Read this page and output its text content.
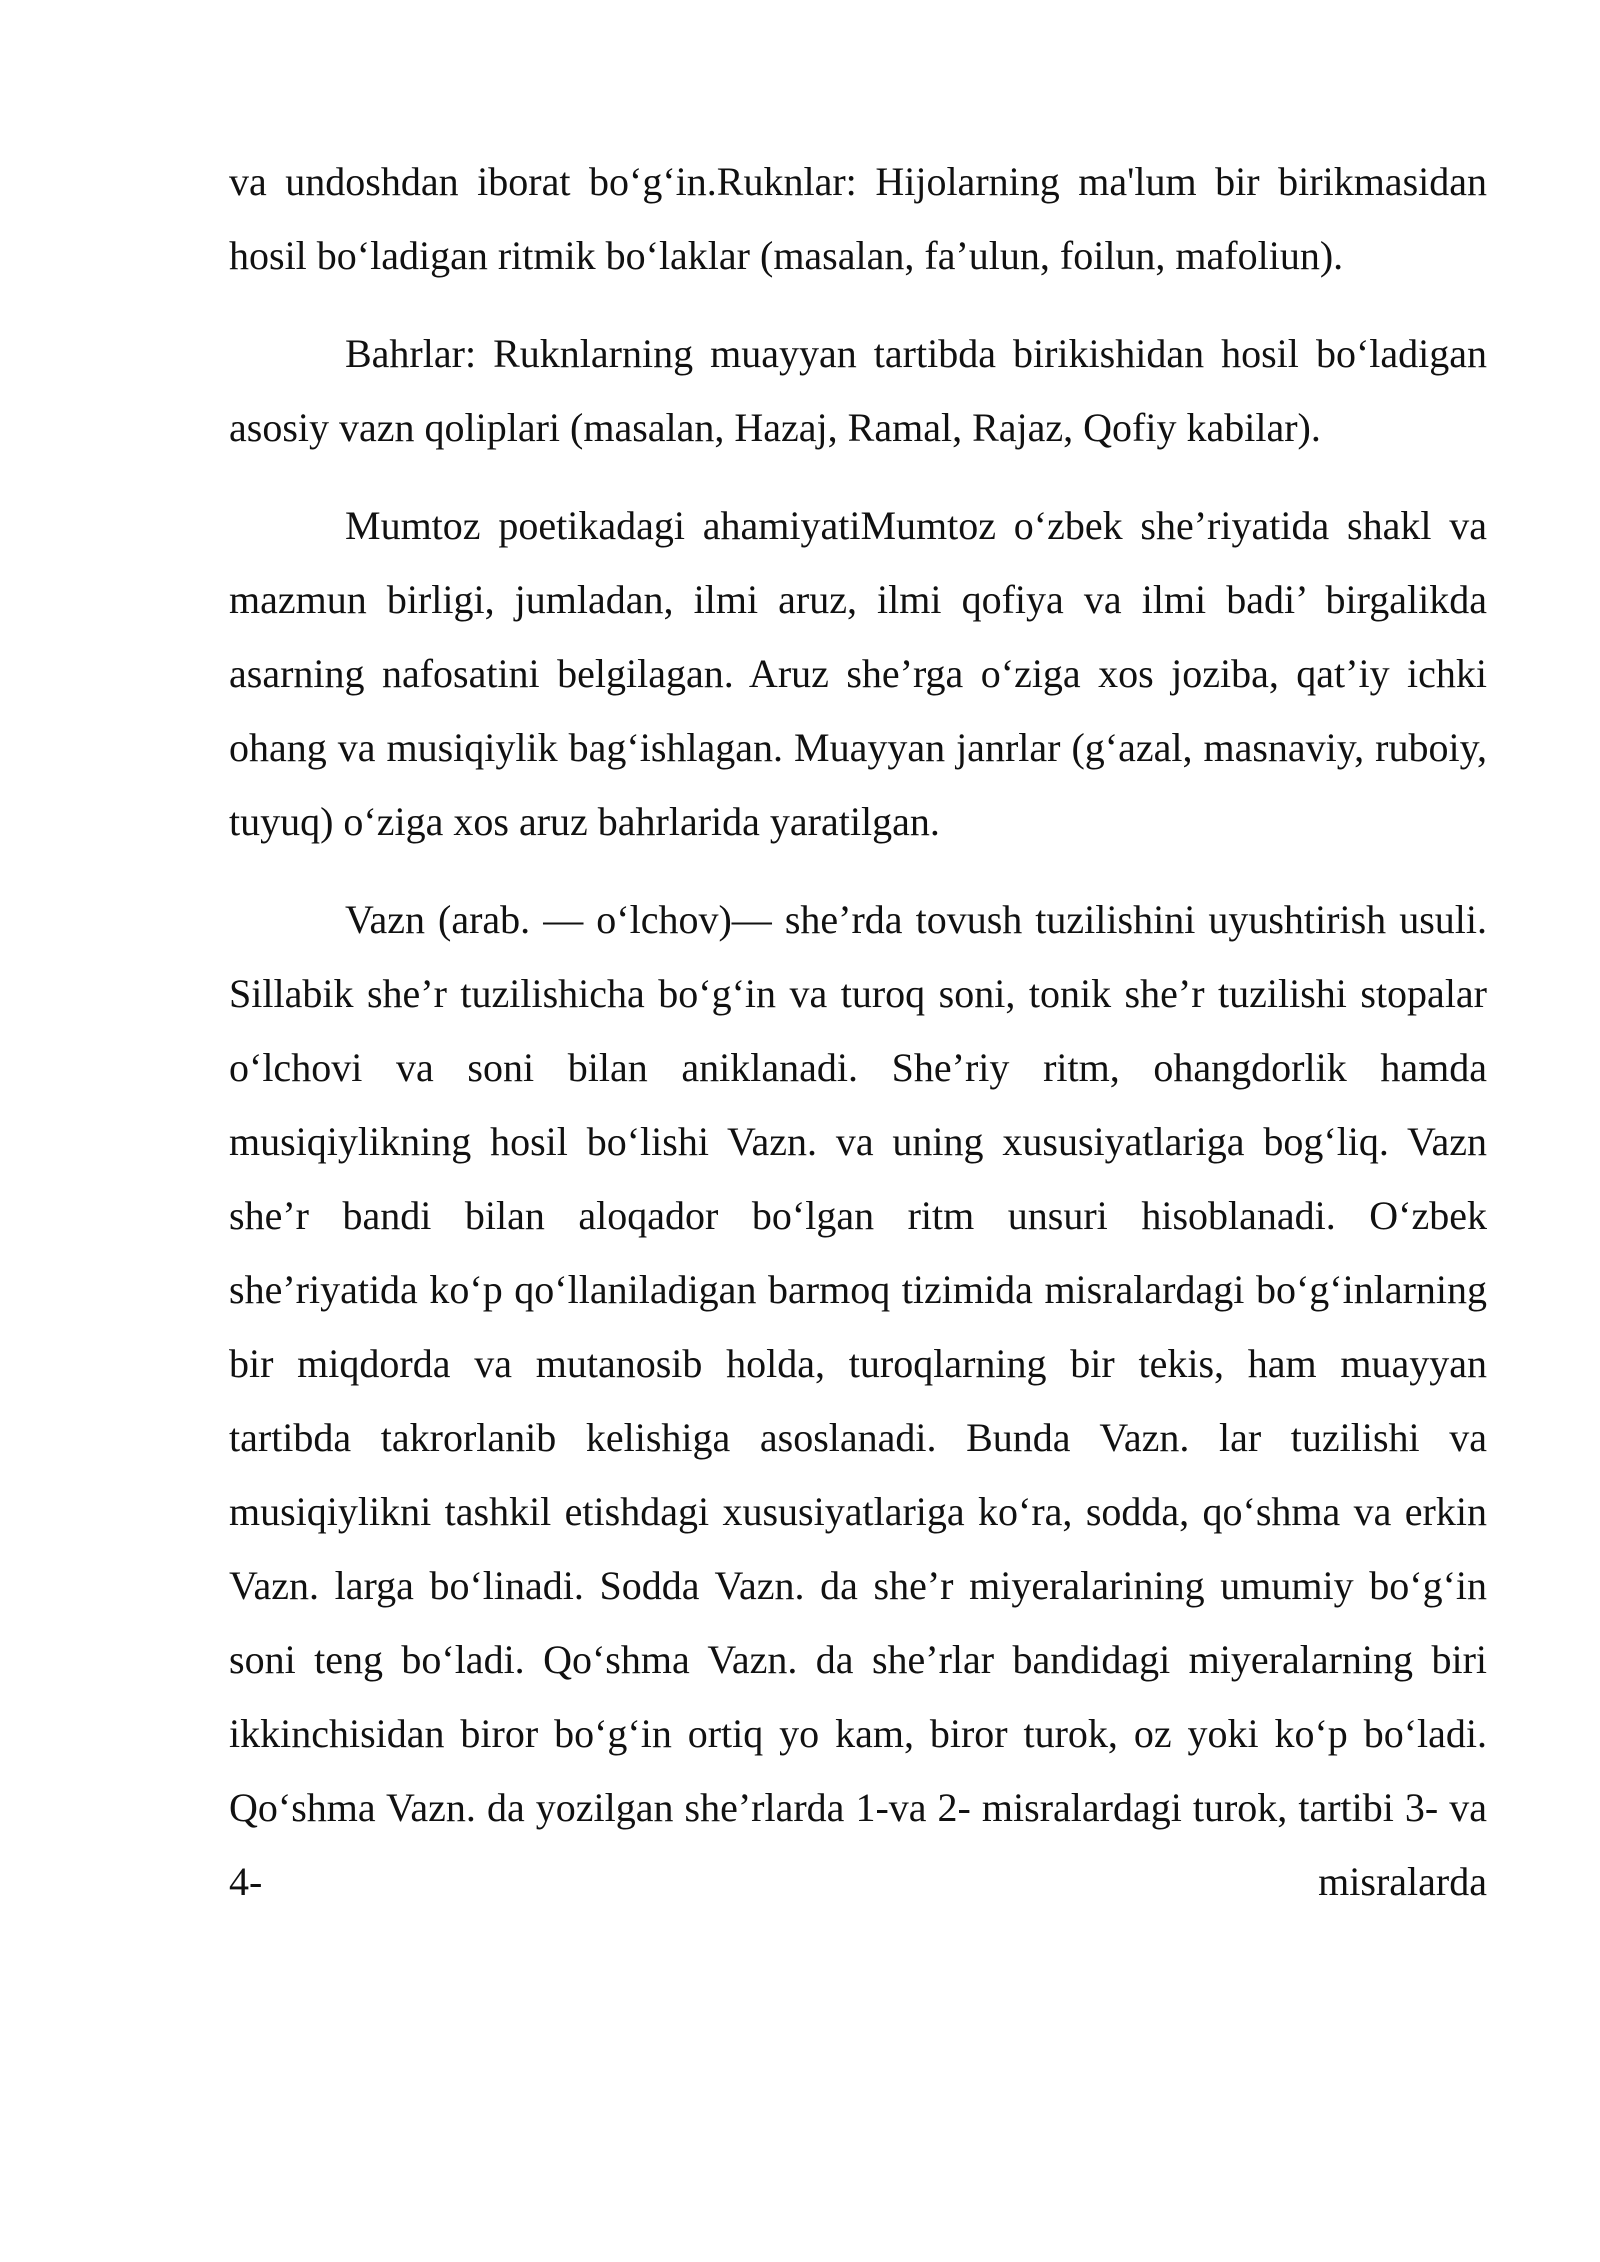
va undoshdan iborat bo‘g‘in.Ruknlar: Hijolarning ma'lum bir birikmasidan hosil bo‘ladigan ritmik bo‘laklar (masalan, fa’ulun, foilun, mafoliun).

Bahrlar: Ruknlarning muayyan tartibda birikishidan hosil bo‘ladigan asosiy vazn qoliplari (masalan, Hazaj, Ramal, Rajaz, Qofiy kabilar).

Mumtoz poetikadagi ahamiyatiMumtoz o‘zbek she’riyatida shakl va mazmun birligi, jumladan, ilmi aruz, ilmi qofiya va ilmi badi’ birgalikda asarning nafosatini belgilagan. Aruz she’rga o‘ziga xos joziba, qat’iy ichki ohang va musiqiylik bag‘ishlagan. Muayyan janrlar (g‘azal, masnaviy, ruboiy, tuyuq) o‘ziga xos aruz bahrlarida yaratilgan.

Vazn (arab. — o‘lchov)— she’rda tovush tuzilishini uyushtirish usuli. Sillabik she’r tuzilishicha bo‘g‘in va turoq soni, tonik she’r tuzilishi stopalar o‘lchovi va soni bilan aniklanadi. She’riy ritm, ohangdorlik hamda musiqiylikning hosil bo‘lishi Vazn. va uning xususiyatlariga bog‘liq. Vazn she’r bandi bilan aloqador bo‘lgan ritm unsuri hisoblanadi. O‘zbek she’riyatida ko‘p qo‘llaniladigan barmoq tizimida misralardagi bo‘g‘inlarning bir miqdorda va mutanosib holda, turoqlarning bir tekis, ham muayyan tartibda takrorlanib kelishiga asoslanadi. Bunda Vazn. lar tuzilishi va musiqiylikni tashkil etishdagi xususiyatlariga ko‘ra, sodda, qo‘shma va erkin Vazn. larga bo‘linadi. Sodda Vazn. da she’r miyeralarining umumiy bo‘g‘in soni teng bo‘ladi. Qo‘shma Vazn. da she’rlar bandidagi miyeralarning biri ikkinchisidan biror bo‘g‘in ortiq yo kam, biror turok, oz yoki ko‘p bo‘ladi. Qo‘shma Vazn. da yozilgan she’rlarda 1-va 2- misralardagi turok, tartibi 3- va 4- misralarda
